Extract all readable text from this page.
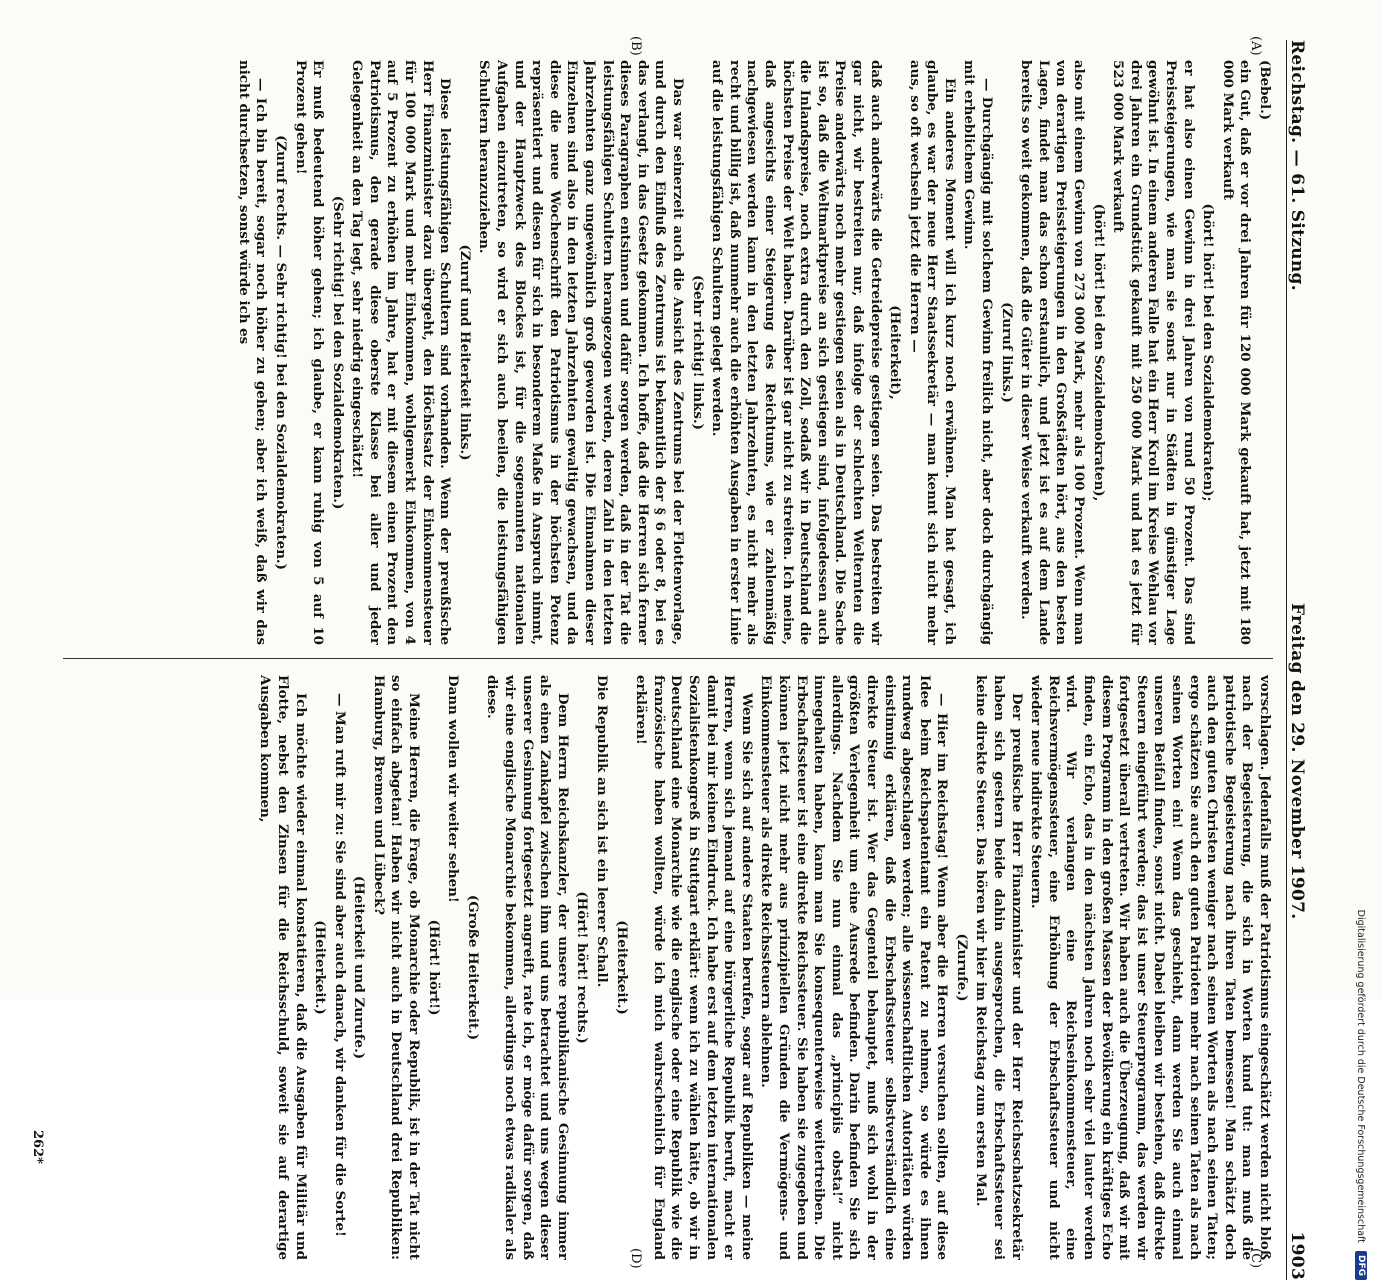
Digitalisierung gefördert durch die Deutsche Forschungsgemeinschaft
DFG
Reichstag. — 61. Sitzung.
Freitag den 29. November 1907.
1903
(A)
(B)
(C)
(D)

(Bebel.)

ein Gut, daß er vor drei Jahren für 120 000 Mark gekauft hat, jetzt mit 180 000 Mark verkauft

(hört! hört! bei den Sozialdemokraten);

er hat also einen Gewinn in drei Jahren von rund 50 Prozent. Das sind Preissteigerungen, wie man sie sonst nur in Städten in günstiger Lage gewöhnt ist. In einem anderen Falle hat ein Herr Kroll im Kreise Wehlau vor drei Jahren ein Grundstück gekauft mit 250 000 Mark und hat es jetzt für 523 000 Mark verkauft

(hört! hört! bei den Sozialdemokraten),

also mit einem Gewinn von 273 000 Mark, mehr als 100 Prozent. Wenn man von derartigen Preissteigerungen in den Großstädten hört, aus den besten Lagen, findet man das schon erstaunlich, und jetzt ist es auf dem Lande bereits so weit gekommen, daß die Güter in dieser Weise verkauft werden.

(Zuruf links.)

— Durchgängig mit solchem Gewinn freilich nicht, aber doch durchgängig mit erheblichem Gewinn.

Ein anderes Moment will ich kurz noch erwähnen. Man hat gesagt, ich glaube, es war der neue Herr Staatssekretär — man kennt sich nicht mehr aus, so oft wechseln jetzt die Herren —

(Heiterkeit),

daß auch anderwärts die Getreidepreise gestiegen seien. Das bestreiten wir gar nicht, wir bestreiten nur, daß infolge der schlechten Welternten die Preise anderwärts noch mehr gestiegen seien als in Deutschland. Die Sache ist so, daß die Weltmarktpreise an sich gestiegen sind, infolgedessen auch die Inlandspreise, noch extra durch den Zoll, sodaß wir in Deutschland die höchsten Preise der Welt haben. Darüber ist gar nicht zu streiten. Ich meine, daß angesichts einer Steigerung des Reichtums, wie er zahlenmäßig nachgewiesen werden kann in den letzten Jahrzehnten, es nicht mehr als recht und billig ist, daß nunmehr auch die erhöhten Ausgaben in erster Linie auf die leistungsfähigen Schultern gelegt werden.

(Sehr richtig! links.)

Das war seinerzeit auch die Ansicht des Zentrums bei der Flottenvorlage, und durch den Einfluß des Zentrums ist bekanntlich der § 6 oder 8, bei es das verlangt, in das Gesetz gekommen. Ich hoffe, daß die Herren sich ferner dieses Paragraphen entsinnen und dafür sorgen werden, daß in der Tat die leistungsfähigen Schultern herangezogen werden, deren Zahl in den letzten Jahrzehnten ganz ungewöhnlich groß geworden ist. Die Einnahmen dieser Einzelnen sind also in den letzten Jahrzehnten gewaltig gewachsen, und da diese die neue Wochenschrift den Patriotismus in der höchsten Potenz repräsentiert und diesen für sich in besonderem Maße in Anspruch nimmt, und der Hauptzweck des Blockes ist, für die sogenannten nationalen Aufgaben einzutreten, so wird er sich auch beeilen, die leistungsfähigen Schultern heranzuziehen.

(Zuruf und Heiterkeit links.)

Diese leistungsfähigen Schultern sind vorhanden. Wenn der preußische Herr Finanzminister dazu übergeht, den Höchstsatz der Einkommensteuer für 100 000 Mark und mehr Einkommen, wohlgemerkt Einkommen, von 4 auf 5 Prozent zu erhöhen im Jahre, hat er mit diesem einen Prozent den Patriotismus, den gerade diese oberste Klasse bei aller und jeder Gelegenheit an den Tag legt, sehr niedrig eingeschätzt!

(Sehr richtig! bei den Sozialdemokraten.)

Er muß bedeutend höher gehen; ich glaube, er kann ruhig von 5 auf 10 Prozent gehen!

(Zuruf rechts. — Sehr richtig! bei den Sozialdemokraten.)

— Ich bin bereit, sogar noch höher zu gehen; aber ich weiß, daß wir das nicht durchsetzen, sonst würde ich es

vorschlagen. Jedenfalls muß der Patriotismus eingeschätzt werden nicht bloß nach der Begeisterung, die sich in Worten kund tut: man muß die patriotische Begeisterung nach ihren Taten bemessen! Man schätzt doch auch den guten Christen weniger nach seinen Worten als nach seinen Taten; ergo schätzen Sie auch den guten Patrioten mehr nach seinen Taten als nach seinen Worten ein! Wenn das geschieht, dann werden Sie auch einmal unseren Beifall finden, sonst nicht. Dabei bleiben wir bestehen, daß direkte Steuern eingeführt werden; das ist unser Steuerprogramm, das werden wir fortgesetzt überall vertreten. Wir haben auch die Überzeugung, daß wir mit diesem Programm in den großen Massen der Bevölkerung ein kräftiges Echo finden, ein Echo, das in den nächsten Jahren noch sehr viel lauter werden wird. Wir verlangen eine Reichseinkommensteuer, eine Reichsvermögenssteuer, eine Erhöhung der Erbschaftssteuer und nicht wieder neue indirekte Steuern.

Der preußische Herr Finanzminister und der Herr Reichsschatzsekretär haben sich gestern beide dahin ausgesprochen, die Erbschaftssteuer sei keine direkte Steuer. Das hören wir hier im Reichstag zum ersten Mal.

(Zurufe.)

— Hier im Reichstag! Wenn aber die Herren versuchen sollten, auf diese Idee beim Reichspatentamt ein Patent zu nehmen, so würde es ihnen rundweg abgeschlagen werden; alle wissenschaftlichen Autoritäten würden einstimmig erklären, daß die Erbschaftssteuer selbstverständlich eine direkte Steuer ist. Wer das Gegenteil behauptet, muß sich wohl in der größten Verlegenheit um eine Ausrede befinden. Darin befinden Sie sich allerdings. Nachdem Sie nun einmal das „principiis obsta!“ nicht innegehalten haben, kann man Sie konsequenterweise weitertreiben. Die Erbschaftssteuer ist eine direkte Reichssteuer. Sie haben sie zugegeben und können jetzt nicht mehr aus prinzipiellen Gründen die Vermögens- und Einkommensteuer als direkte Reichssteuern ablehnen.

Wenn Sie sich auf andere Staaten berufen, sogar auf Republiken — meine Herren, wenn sich jemand auf eine bürgerliche Republik beruft, macht er damit bei mir keinen Eindruck. Ich habe erst auf dem letzten internationalen Sozialistenkongreß in Stuttgart erklärt: wenn ich zu wählen hätte, ob wir in Deutschland eine Monarchie wie die englische oder eine Republik wie die französische haben wollten, würde ich mich wahrscheinlich für England erklären!

(Heiterkeit.)

Die Republik an sich ist ein leerer Schall.

(Hört! hört! rechts.)

Dem Herrn Reichskanzler, der unsere republikanische Gesinnung immer als einen Zankapfel zwischen ihm und uns betrachtet und uns wegen dieser unserer Gesinnung fortgesetzt angreift, rate ich, er möge dafür sorgen, daß wir eine englische Monarchie bekommen, allerdings noch etwas radikaler als diese.

(Große Heiterkeit.)

Dann wollen wir weiter sehen!

(Hört! hört!)

Meine Herren, die Frage, ob Monarchie oder Republik, ist in der Tat nicht so einfach abgetan! Haben wir nicht auch in Deutschland drei Republiken: Hamburg, Bremen und Lübeck?

(Heiterkeit und Zurufe.)

— Man ruft mir zu: Sie sind aber auch danach, wir danken für die Sorte!

(Heiterkeit.)

Ich möchte wieder einmal konstatieren, daß die Ausgaben für Militär und Flotte, nebst den Zinsen für die Reichsschuld, soweit sie auf derartige Ausgaben kommen,

262*
